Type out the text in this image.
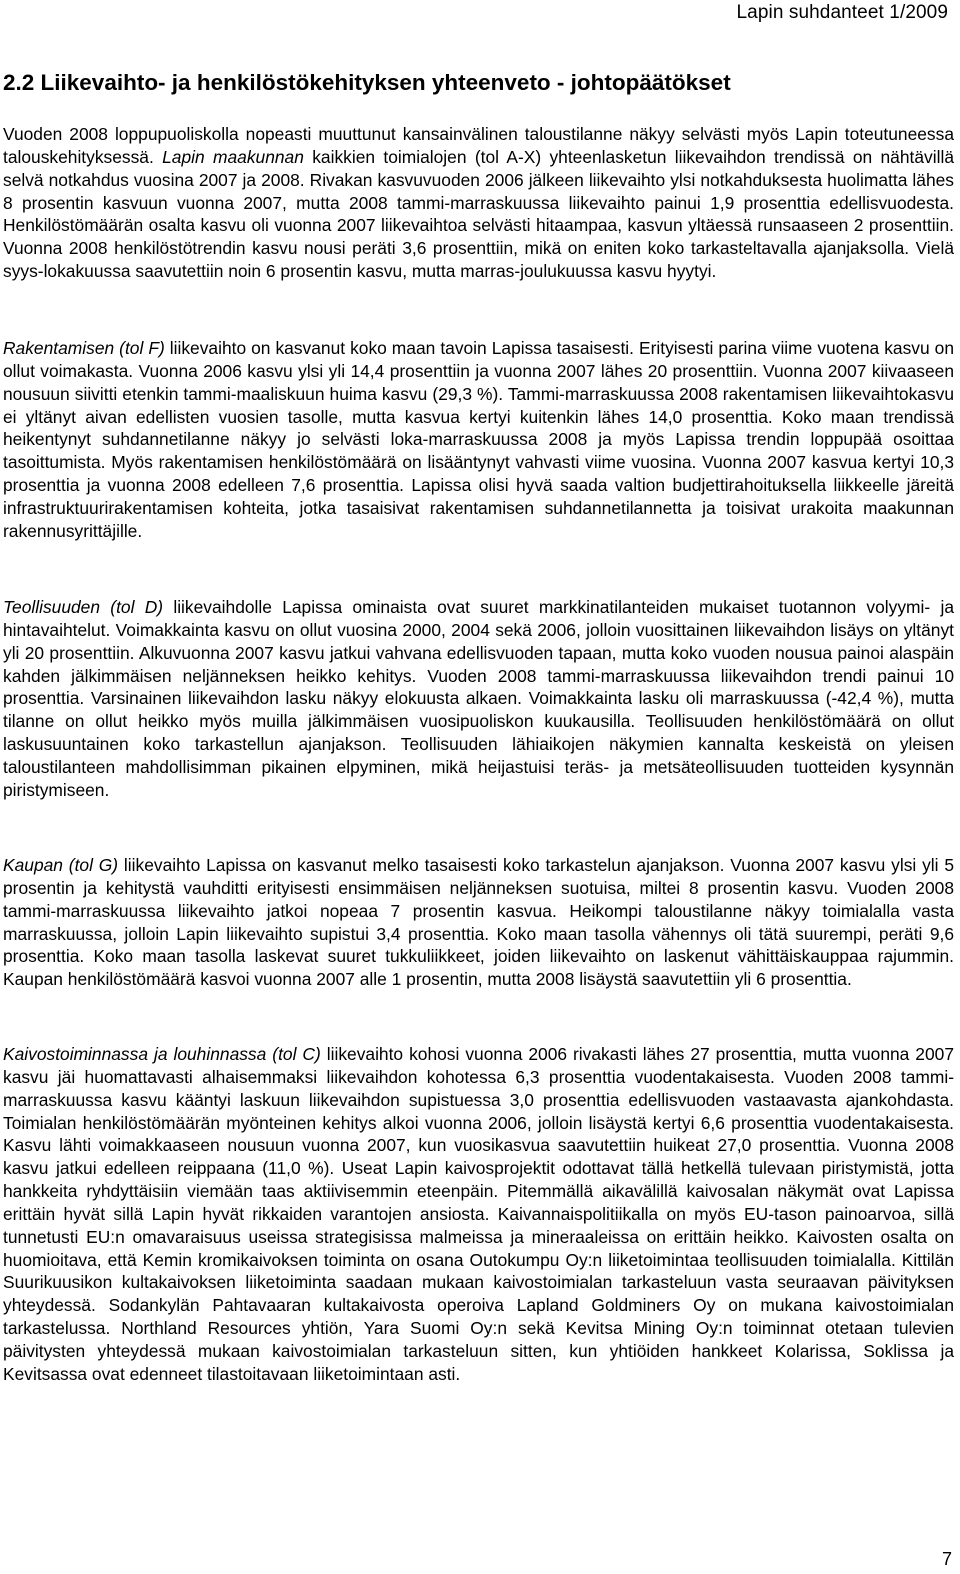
Lapin suhdanteet 1/2009
2.2 Liikevaihto- ja henkilöstökehityksen yhteenveto - johtopäätökset

Vuoden 2008 loppupuoliskolla nopeasti muuttunut kansainvälinen taloustilanne näkyy selvästi myös Lapin toteutuneessa talouskehityksessä. Lapin maakunnan kaikkien toimialojen (tol A-X) yhteenlasketun liikevaihdon trendissä on nähtävillä selvä notkahdus vuosina 2007 ja 2008. Rivakan kasvuvuoden 2006 jälkeen liikevaihto ylsi notkahduksesta huolimatta lähes 8 prosentin kasvuun vuonna 2007, mutta 2008 tammi-marraskuussa liikevaihto painui 1,9 prosenttia edellisvuodesta. Henkilöstömäärän osalta kasvu oli vuonna 2007 liikevaihtoa selvästi hitaampaa, kasvun yltäessä runsaaseen 2 prosenttiin. Vuonna 2008 henkilöstötrendin kasvu nousi peräti 3,6 prosenttiin, mikä on eniten koko tarkasteltavalla ajanjaksolla. Vielä syys-lokakuussa saavutettiin noin 6 prosentin kasvu, mutta marras-joulukuussa kasvu hyytyi.

Rakentamisen (tol F) liikevaihto on kasvanut koko maan tavoin Lapissa tasaisesti. Erityisesti parina viime vuotena kasvu on ollut voimakasta. Vuonna 2006 kasvu ylsi yli 14,4 prosenttiin ja vuonna 2007 lähes 20 prosenttiin. Vuonna 2007 kiivaaseen nousuun siivitti etenkin tammi-maaliskuun huima kasvu (29,3 %). Tammi-marraskuussa 2008 rakentamisen liikevaihtokasvu ei yltänyt aivan edellisten vuosien tasolle, mutta kasvua kertyi kuitenkin lähes 14,0 prosenttia. Koko maan trendissä heikentynyt suhdannetilanne näkyy jo selvästi loka-marraskuussa 2008 ja myös Lapissa trendin loppupää osoittaa tasoittumista. Myös rakentamisen henkilöstömäärä on lisääntynyt vahvasti viime vuosina. Vuonna 2007 kasvua kertyi 10,3 prosenttia ja vuonna 2008 edelleen 7,6 prosenttia. Lapissa olisi hyvä saada valtion budjettirahoituksella liikkeelle järeitä infrastruktuurirakentamisen kohteita, jotka tasaisivat rakentamisen suhdannetilannetta ja toisivat urakoita maakunnan rakennusyrittäjille.

Teollisuuden (tol D) liikevaihdolle Lapissa ominaista ovat suuret markkinatilanteiden mukaiset tuotannon volyymi- ja hintavaihtelut. Voimakkainta kasvu on ollut vuosina 2000, 2004 sekä 2006, jolloin vuosittainen liikevaihdon lisäys on yltänyt yli 20 prosenttiin. Alkuvuonna 2007 kasvu jatkui vahvana edellisvuoden tapaan, mutta koko vuoden nousua painoi alaspäin kahden jälkimmäisen neljänneksen heikko kehitys. Vuoden 2008 tammi-marraskuussa liikevaihdon trendi painui 10 prosenttia. Varsinainen liikevaihdon lasku näkyy elokuusta alkaen. Voimakkainta lasku oli marraskuussa (-42,4 %), mutta tilanne on ollut heikko myös muilla jälkimmäisen vuosipuoliskon kuukausilla. Teollisuuden henkilöstömäärä on ollut laskusuuntainen koko tarkastellun ajanjakson. Teollisuuden lähiaikojen näkymien kannalta keskeistä on yleisen taloustilanteen mahdollisimman pikainen elpyminen, mikä heijastuisi teräs- ja metsäteollisuuden tuotteiden kysynnän piristymiseen.

Kaupan (tol G) liikevaihto Lapissa on kasvanut melko tasaisesti koko tarkastelun ajanjakson. Vuonna 2007 kasvu ylsi yli 5 prosentin ja kehitystä vauhditti erityisesti ensimmäisen neljänneksen suotuisa, miltei 8 prosentin kasvu. Vuoden 2008 tammi-marraskuussa liikevaihto jatkoi nopeaa 7 prosentin kasvua. Heikompi taloustilanne näkyy toimialalla vasta marraskuussa, jolloin Lapin liikevaihto supistui 3,4 prosenttia. Koko maan tasolla vähennys oli tätä suurempi, peräti 9,6 prosenttia. Koko maan tasolla laskevat suuret tukkuliikkeet, joiden liikevaihto on laskenut vähittäiskauppaa rajummin. Kaupan henkilöstömäärä kasvoi vuonna 2007 alle 1 prosentin, mutta 2008 lisäystä saavutettiin yli 6 prosenttia.

Kaivostoiminnassa ja louhinnassa (tol C) liikevaihto kohosi vuonna 2006 rivakasti lähes 27 prosenttia, mutta vuonna 2007 kasvu jäi huomattavasti alhaisemmaksi liikevaihdon kohotessa 6,3 prosenttia vuodentakaisesta. Vuoden 2008 tammi-marraskuussa kasvu kääntyi laskuun liikevaihdon supistuessa 3,0 prosenttia edellisvuoden vastaavasta ajankohdasta. Toimialan henkilöstömäärän myönteinen kehitys alkoi vuonna 2006, jolloin lisäystä kertyi 6,6 prosenttia vuodentakaisesta. Kasvu lähti voimakkaaseen nousuun vuonna 2007, kun vuosikasvua saavutettiin huikeat 27,0 prosenttia. Vuonna 2008 kasvu jatkui edelleen reippaana (11,0 %). Useat Lapin kaivosprojektit odottavat tällä hetkellä tulevaan piristymistä, jotta hankkeita ryhdyttäisiin viemään taas aktiivisemmin eteenpäin. Pitemmällä aikavälillä kaivosalan näkymät ovat Lapissa erittäin hyvät sillä Lapin hyvät rikkaiden varantojen ansiosta. Kaivannaispolitiikalla on myös EU-tason painoarvoa, sillä tunnetusti EU:n omavaraisuus useissa strategisissa malmeissa ja mineraaleissa on erittäin heikko. Kaivosten osalta on huomioitava, että Kemin kromikaivoksen toiminta on osana Outokumpu Oy:n liiketoimintaa teollisuuden toimialalla. Kittilän Suurikuusikon kultakaivoksen liiketoiminta saadaan mukaan kaivostoimialan tarkasteluun vasta seuraavan päivityksen yhteydessä. Sodankylän Pahtavaaran kultakaivosta operoiva Lapland Goldminers Oy on mukana kaivostoimialan tarkastelussa. Northland Resources yhtiön, Yara Suomi Oy:n sekä Kevitsa Mining Oy:n toiminnat otetaan tulevien päivitysten yhteydessä mukaan kaivostoimialan tarkasteluun sitten, kun yhtiöiden hankkeet Kolarissa, Soklissa ja Kevitsassa ovat edenneet tilastoitavaan liiketoimintaan asti.

7
